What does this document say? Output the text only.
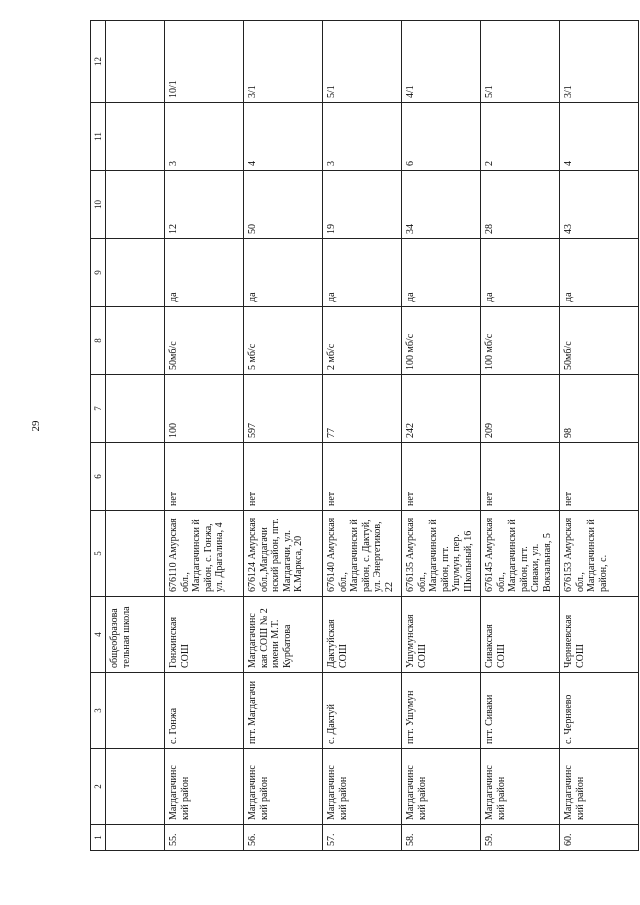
29
1	2	3	4	5	6	7	8	9	10	11	12
			общеобразова тельная школа								
55.	Магдагачинс кий район	с. Гонжа	Гонжинская СОШ	676110 Амурская обл., Магдагачински й район, с. Гонжа, ул. Драгалина, 4	нет	100	50мб/с	да	12	3	10/1
56.	Магдагачинс кий район	пгт. Магдагачи	Магдагачинс кая СОШ № 2 имени М.Т. Курбатова	676124 Амурская обл.,Магдагачи нский район, пгт. Магдагачи, ул. К.Маркса, 20	нет	597	5 мб/с	да	50	4	3/1
57.	Магдагачинс кий район	с. Дактуй	Дактуйская СОШ	676140 Амурская обл., Магдагачински й район, с. Дактуй, ул. Энергетиков, 22	нет	77	2 мб/с	да	19	3	5/1
58.	Магдагачинс кий район	пгт. Ушумун	Ушумунская СОШ	676135 Амурская обл., Магдагачински й район, пгт. Ушумун, пер. Школьный, 16	нет	242	100 мб/с	да	34	6	4/1
59.	Магдагачинс кий район	пгт. Сиваки	Сивакская СОШ	676145 Амурская обл., Магдагачински й район, пгт. Сиваки, ул. Вокзальная, 5	нет	209	100 мб/с	да	28	2	5/1
60.	Магдагачинс кий район	с. Черняево	Черняевская СОШ	676153 Амурская обл., Магдагачински й район, с.	нет	98	50мб/с	да	43	4	3/1
